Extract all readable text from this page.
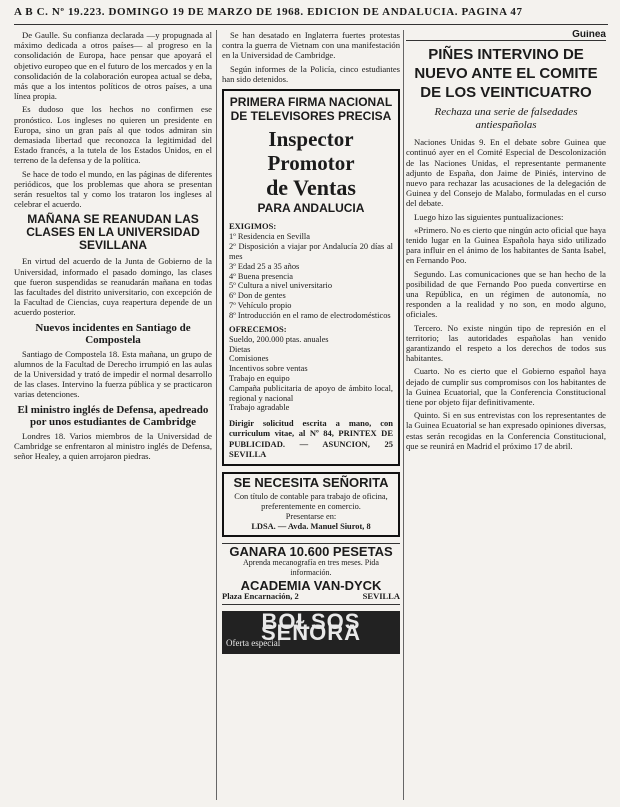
A B C. Nº 19.223. DOMINGO 19 DE MARZO DE 1968. EDICION DE ANDALUCIA. PAGINA 47

De Gaulle. Su confianza declarada —y propugnada al máximo dedicada a otros países— al progreso en la consolidación de Europa, hace pensar que apoyará el objetivo europeo que en el futuro de los mercados y en la consolidación de la colaboración europea actual se deba, más que a los intentos políticos de otros países, a una línea propia.

Es dudoso que los hechos no confirmen ese pronóstico. Los ingleses no quieren un presidente en Europa, sino un gran país al que todos admiran sin demasiada libertad que reconozca la legitimidad del Estado francés, a la tutela de los Estados Unidos, en el terreno de la defensa y de la política.

Se hace de todo el mundo, en las páginas de diferentes periódicos, que los problemas que ahora se presentan serán resueltos tal y como los trataron los ingleses al celebrar el acuerdo.

MAÑANA SE REANUDAN LAS CLASES EN LA UNIVERSIDAD SEVILLANA

En virtud del acuerdo de la Junta de Gobierno de la Universidad, informado el pasado domingo, las clases que fueron suspendidas se reanudarán mañana en todas las facultades del distrito universitario, con excepción de la Facultad de Ciencias, cuya reapertura depende de un acuerdo posterior.

Nuevos incidentes en Santiago de Compostela

Santiago de Compostela 18. Esta mañana, un grupo de alumnos de la Facultad de Derecho irrumpió en las aulas de la Universidad y trató de impedir el normal desarrollo de las clases. Intervino la fuerza pública y se practicaron varias detenciones.

El ministro inglés de Defensa, apedreado por unos estudiantes de Cambridge

Londres 18. Varios miembros de la Universidad de Cambridge se enfrentaron al ministro inglés de Defensa, señor Healey, a quien arrojaron piedras.

Se han desatado en Inglaterra fuertes protestas contra la guerra de Vietnam con una manifestación en la Universidad de Cambridge.

Según informes de la Policía, cinco estudiantes han sido detenidos.

PRIMERA FIRMA NACIONAL DE TELEVISORES PRECISA
Inspector Promotor
de Ventas
PARA ANDALUCIA
EXIGIMOS:
1º Residencia en Sevilla
2º Disposición a viajar por Andalucía 20 días al mes
3º Edad 25 a 35 años
4º Buena presencia
5º Cultura a nivel universitario
6º Don de gentes
7º Vehículo propio
8º Introducción en el ramo de electrodomésticos
OFRECEMOS:
Sueldo, 200.000 ptas. anuales
Dietas
Comisiones
Incentivos sobre ventas
Trabajo en equipo
Campaña publicitaria de apoyo de ámbito local, regional y nacional
Trabajo agradable
Dirigir solicitud escrita a mano, con curriculum vitae, al Nº 84, PRINTEX DE PUBLICIDAD. — ASUNCION, 25 SEVILLA
SE NECESITA SEÑORITA
Con título de contable para trabajo de oficina, preferentemente en comercio.
Presentarse en:
LDSA. — Avda. Manuel Siurot, 8
GANARA 10.600 PESETAS
Aprenda mecanografía en tres meses. Pida información.
ACADEMIA VAN-DYCK
Plaza Encarnación, 2	SEVILLA
BOLSOS SEÑORA
Oferta especial
Guinea
PIÑES INTERVINO DE NUEVO ANTE EL COMITE DE LOS VEINTICUATRO
Rechaza una serie de falsedades antiespañolas

Naciones Unidas 9. En el debate sobre Guinea que continuó ayer en el Comité Especial de Descolonización de las Naciones Unidas, el representante permanente adjunto de España, don Jaime de Piniés, intervino de nuevo para rechazar las acusaciones de la delegación de Guinea y del Consejo de Malabo, formuladas en el curso del debate.

Luego hizo las siguientes puntualizaciones:

«Primero. No es cierto que ningún acto oficial que haya tenido lugar en la Guinea Española haya sido utilizado para influir en el ánimo de los habitantes de Santa Isabel, en Fernando Poo.

Segundo. Las comunicaciones que se han hecho de la posibilidad de que Fernando Poo pueda convertirse en una República, en un régimen de autonomía, no responden a la realidad y no son, en modo alguno, oficiales.

Tercero. No existe ningún tipo de represión en el territorio; las autoridades españolas han venido garantizando el respeto a los derechos de todos sus habitantes.

Cuarto. No es cierto que el Gobierno español haya dejado de cumplir sus compromisos con los habitantes de la Guinea Ecuatorial, que la Conferencia Constitucional tiene por objeto fijar definitivamente.

Quinto. Si en sus entrevistas con los representantes de la Guinea Ecuatorial se han expresado opiniones diversas, estas serán recogidas en la Conferencia Constitucional, que se reunirá en Madrid el próximo 17 de abril.
